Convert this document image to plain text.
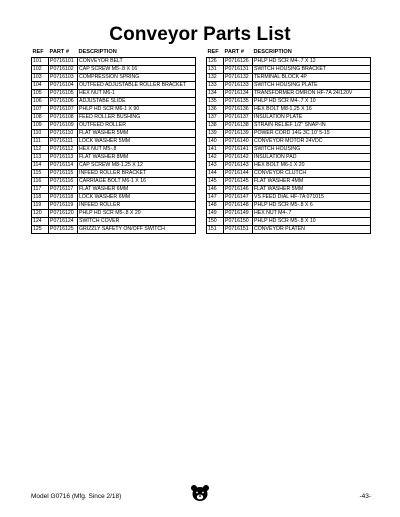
Conveyor Parts List
REF	PART #	DESCRIPTION
101	P0716101	CONVEYOR BELT
102	P0716102	CAP SCREW M5-.8 X 16
103	P0716103	COMPRESSION SPRING
104	P0716104	OUTFEED ADJUSTABLE ROLLER BRACKET
105	P0716105	HEX NUT M6-1
106	P0716106	ADJUSTABE SLIDE
107	P0716107	PHLP HD SCR M6-1 X 90
108	P0716108	FEED ROLLER BUSHING
109	P0716109	OUTFEED ROLLER
110	P0716110	FLAT WASHER 5MM
111	P0716111	LOCK WASHER 5MM
112	P0716112	HEX NUT M5-.8
113	P0716113	FLAT WASHER 8MM
114	P0716114	CAP SCREW M8-1.25 X 12
115	P0716115	INFEED ROLLER BRACKET
116	P0716116	CARRIAGE BOLT M6-1 X 16
117	P0716117	FLAT WASHER 6MM
118	P0716118	LOCK WASHER 6MM
119	P0716119	INFEED ROLLER
120	P0716120	PHLP HD SCR M5-.8 X 20
124	P0716124	SWITCH COVER
125	P0716125	GRIZZLY SAFETY ON/OFF SWITCH
REF	PART #	DESCRIPTION
126	P0716126	PHLP HD SCR M4-.7 X 12
131	P0716131	SWITCH HOUSING BRACKET
132	P0716132	TERMINAL BLOCK 4P
133	P0716133	SWITCH HOUSING PLATE
134	P0716134	TRANSFORMER OMRON HF-7A 24/120V
135	P0716135	PHLP HD SCR M4-.7 X 10
136	P0716136	HEX BOLT M8-1.25 X 16
137	P0716137	INSULATION PLATE
138	P0716138	STRAIN RELIEF 1/2" SNAP-IN
139	P0716139	POWER CORD 14G 3C 10' 5-15
140	P0716140	CONVEYOR MOTOR 24VDC
141	P0716141	SWITCH HOUSING
142	P0716142	INSULATION PAD
143	P0716143	HEX BOLT M6-1 X 20
144	P0716144	CONVEYOR CLUTCH
145	P0716145	FLAT WASHER 4MM
146	P0716146	FLAT WASHER 5MM
147	P0716147	VS FEED DIAL HF-7A 071015
148	P0716148	PHLP HD SCR M5-.8 X 6
149	P0716149	HEX NUT M4-.7
150	P0716150	PHLP HD SCR M5-.8 X 10
151	P0716151	CONVEYOR PLATEN
Model G0716 (Mfg. Since 2/18)	-43-
